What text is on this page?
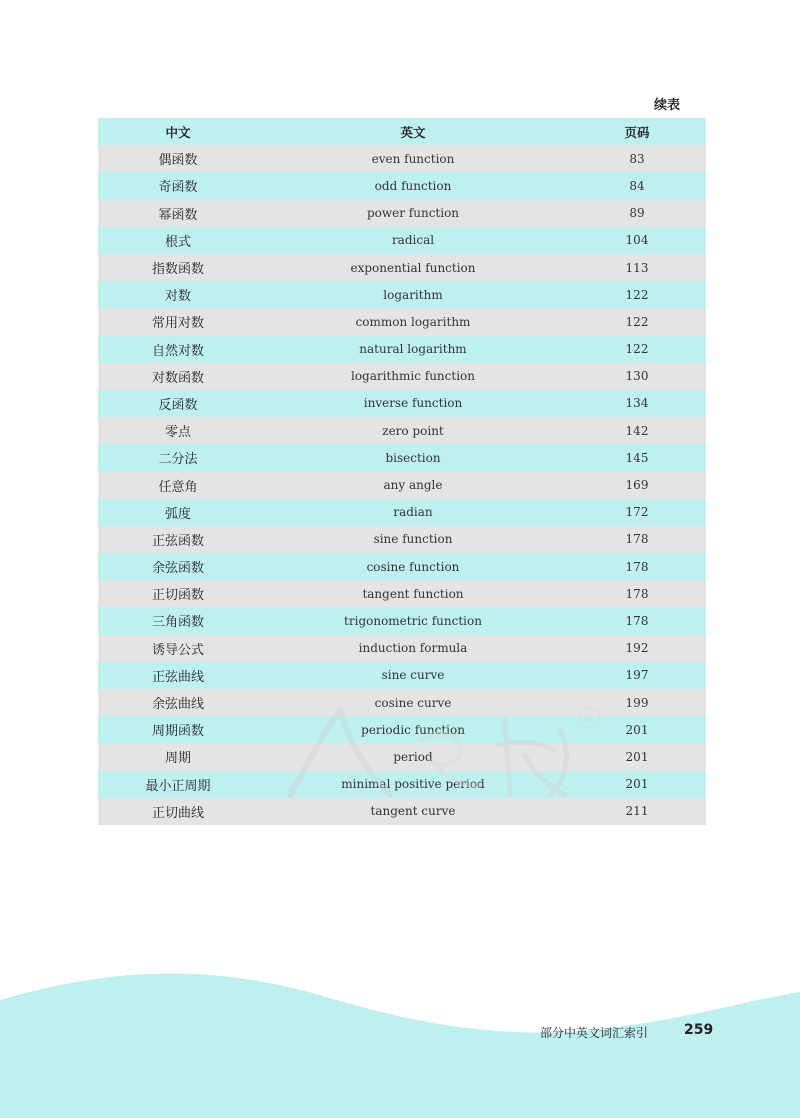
续表
中文	英文	页码
偶函数	even function	83
奇函数	odd function	84
幂函数	power function	89
根式	radical	104
指数函数	exponential function	113
对数	logarithm	122
常用对数	common logarithm	122
自然对数	natural logarithm	122
对数函数	logarithmic function	130
反函数	inverse function	134
零点	zero point	142
二分法	bisection	145
任意角	any angle	169
弧度	radian	172
正弦函数	sine function	178
余弦函数	cosine function	178
正切函数	tangent function	178
三角函数	trigonometric function	178
诱导公式	induction formula	192
正弦曲线	sine curve	197
余弦曲线	cosine curve	199
周期函数	periodic function	201
周期	period	201
最小正周期	minimal positive period	201
正切曲线	tangent curve	211
R
部分中英文词汇索引	259
